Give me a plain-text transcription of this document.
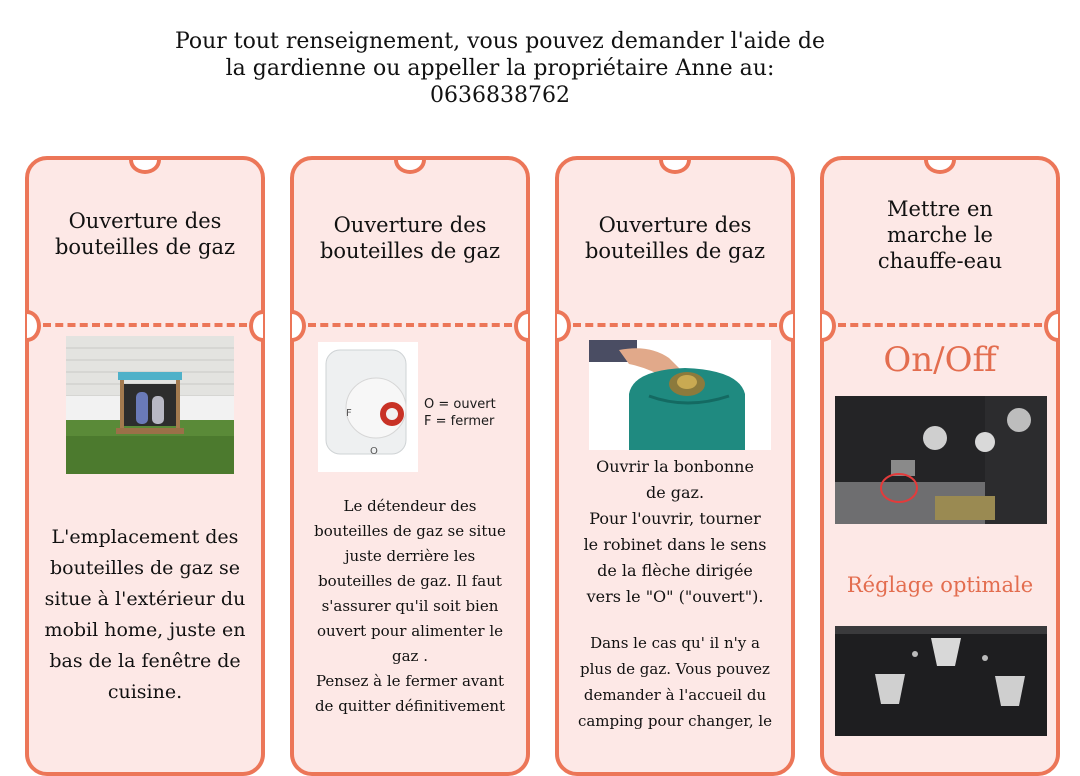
Pour tout renseignement, vous pouvez demander l'aide de
la gardienne ou appeller la propriétaire Anne au:
0636838762
Ouverture des
bouteilles de gaz
L'emplacement des
bouteilles de gaz se
situe à l'extérieur du
mobil home, juste en
bas de la fenêtre de
cuisine.
Ouverture des
bouteilles de gaz
F
O
O = ouvert
F = fermer
Le détendeur des
bouteilles de gaz se situe
juste derrière les
bouteilles de gaz. Il faut
s'assurer qu'il soit bien
ouvert pour alimenter le
gaz .
Pensez à le fermer avant
de quitter définitivement
Ouverture des
bouteilles de gaz
Ouvrir la bonbonne
de gaz.
Pour l'ouvrir, tourner
le robinet dans le sens
de la flèche dirigée
vers le "O" ("ouvert").
Dans le cas qu' il n'y a
plus de gaz. Vous pouvez
demander à l'accueil du
camping pour changer, le
Mettre en
marche le
chauffe-eau
On/Off
Réglage optimale
